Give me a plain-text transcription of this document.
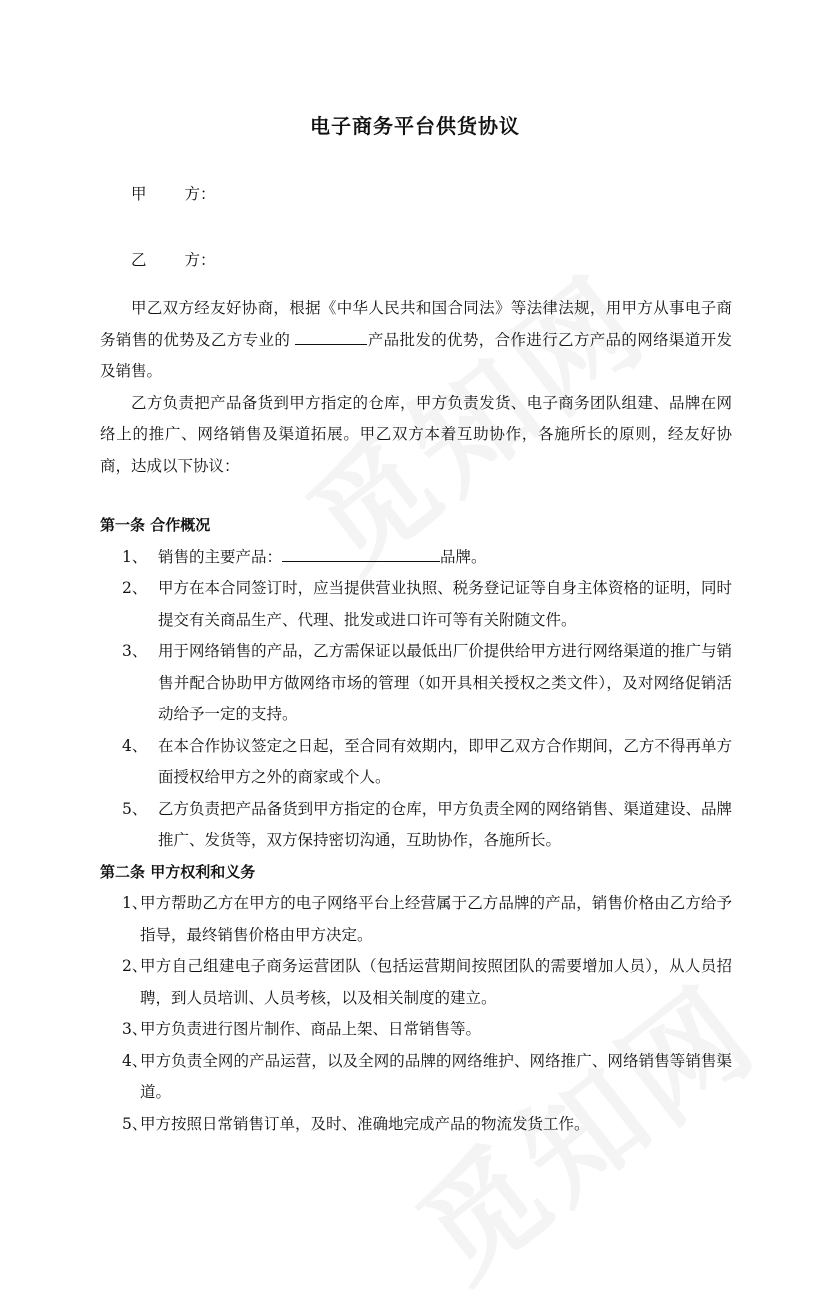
电子商务平台供货协议
甲 方：
乙 方：

甲乙双方经友好协商，根据《中华人民共和国合同法》等法律法规，用甲方从事电子商务销售的优势及乙方专业的	产品批发的优势，合作进行乙方产品的网络渠道开发及销售。

乙方负责把产品备货到甲方指定的仓库，甲方负责发货、电子商务团队组建、品牌在网络上的推广、网络销售及渠道拓展。甲乙双方本着互助协作，各施所长的原则，经友好协商，达成以下协议：

第一条 合作概况

1、 销售的主要产品：	品牌。
2、 甲方在本合同签订时，应当提供营业执照、税务登记证等自身主体资格的证明，同时提交有关商品生产、代理、批发或进口许可等有关附随文件。
3、 用于网络销售的产品，乙方需保证以最低出厂价提供给甲方进行网络渠道的推广与销售并配合协助甲方做网络市场的管理（如开具相关授权之类文件），及对网络促销活动给予一定的支持。
4、 在本合作协议签定之日起，至合同有效期内，即甲乙双方合作期间，乙方不得再单方面授权给甲方之外的商家或个人。
5、 乙方负责把产品备货到甲方指定的仓库，甲方负责全网的网络销售、渠道建设、品牌推广、发货等，双方保持密切沟通，互助协作，各施所长。

第二条 甲方权利和义务

1、
甲方帮助乙方在甲方的电子网络平台上经营属于乙方品牌的产品，销售价格由乙方给予指导，最终销售价格由甲方决定。
2、
甲方自己组建电子商务运营团队（包括运营期间按照团队的需要增加人员），从人员招聘，到人员培训、人员考核，以及相关制度的建立。
3、
甲方负责进行图片制作、商品上架、日常销售等。
4、
甲方负责全网的产品运营，以及全网的品牌的网络维护、网络推广、网络销售等销售渠道。
5、
甲方按照日常销售订单，及时、准确地完成产品的物流发货工作。
